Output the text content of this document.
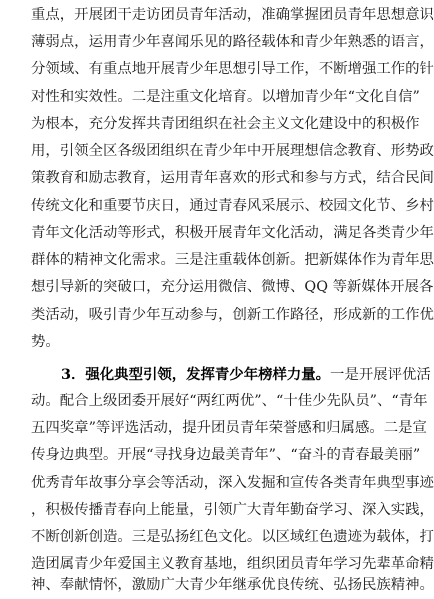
重点，开展团干走访团员青年活动，准确掌握团员青年思想意识
薄弱点，运用青少年喜闻乐见的路径载体和青少年熟悉的语言，
分领域、有重点地开展青少年思想引导工作，不断增强工作的针
对性和实效性。二是注重文化培育。以增加青少年“文化自信”
为根本，充分发挥共青团组织在社会主义文化建设中的积极作
用，引领全区各级团组织在青少年中开展理想信念教育、形势政
策教育和励志教育，运用青年喜欢的形式和参与方式，结合民间
传统文化和重要节庆日，通过青春风采展示、校园文化节、乡村
青年文化活动等形式，积极开展青年文化活动，满足各类青少年
群体的精神文化需求。三是注重载体创新。把新媒体作为青年思
想引导新的突破口，充分运用微信、微博、QQ 等新媒体开展各
类活动，吸引青少年互动参与，创新工作路径，形成新的工作优
势。
3．强化典型引领，发挥青少年榜样力量。一是开展评优活
动。配合上级团委开展好“两红两优”、“十佳少先队员”、“青年
五四奖章”等评选活动，提升团员青年荣誉感和归属感。二是宣
传身边典型。开展“寻找身边最美青年”、“奋斗的青春最美丽”
优秀青年故事分享会等活动，深入发掘和宣传各类青年典型事迹
，积极传播青春向上能量，引领广大青年勤奋学习、深入实践，
不断创新创造。三是弘扬红色文化。以区域红色遗迹为载体，打
造团属青少年爱国主义教育基地，组织团员青年学习先辈革命精
神、奉献情怀，激励广大青少年继承优良传统、弘扬民族精神。
